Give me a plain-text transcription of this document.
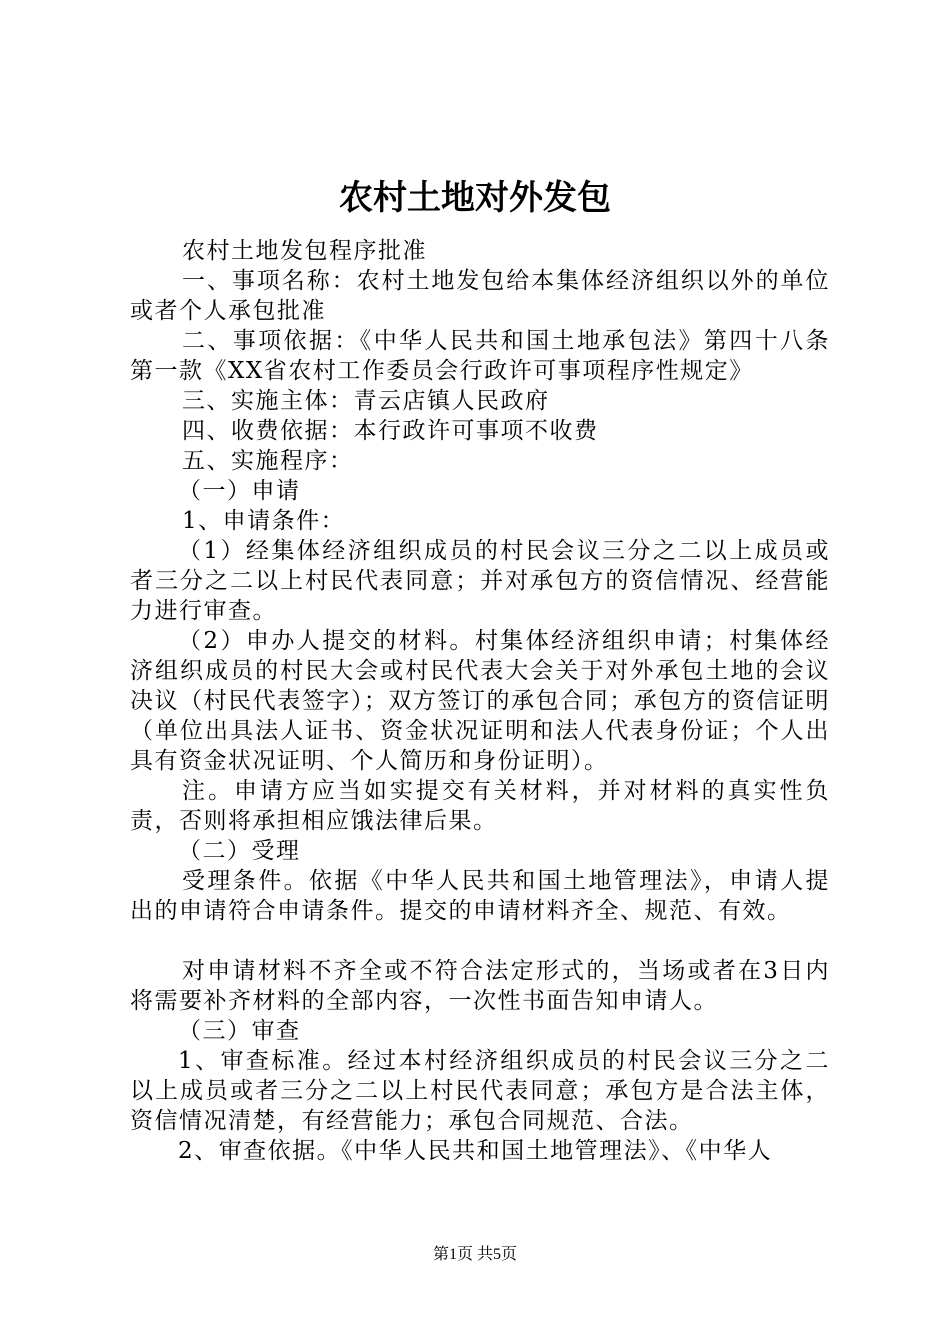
农村土地对外发包

农村土地发包程序批准

一、事项名称：农村土地发包给本集体经济组织以外的单位或者个人承包批准

二、事项依据：《中华人民共和国土地承包法》第四十八条第一款《XX省农村工作委员会行政许可事项程序性规定》

三、实施主体：青云店镇人民政府

四、收费依据：本行政许可事项不收费

五、实施程序：

（一）申请

1、申请条件：

（1）经集体经济组织成员的村民会议三分之二以上成员或者三分之二以上村民代表同意；并对承包方的资信情况、经营能力进行审查。

（2）申办人提交的材料。村集体经济组织申请；村集体经济组织成员的村民大会或村民代表大会关于对外承包土地的会议决议（村民代表签字）；双方签订的承包合同；承包方的资信证明（单位出具法人证书、资金状况证明和法人代表身份证；个人出具有资金状况证明、个人简历和身份证明）。

注。申请方应当如实提交有关材料，并对材料的真实性负责，否则将承担相应饿法律后果。

（二）受理

受理条件。依据《中华人民共和国土地管理法》，申请人提出的申请符合申请条件。提交的申请材料齐全、规范、有效。

对申请材料不齐全或不符合法定形式的，当场或者在3日内将需要补齐材料的全部内容，一次性书面告知申请人。

（三）审查

1、审查标准。经过本村经济组织成员的村民会议三分之二以上成员或者三分之二以上村民代表同意；承包方是合法主体，资信情况清楚，有经营能力；承包合同规范、合法。

2、审查依据。《中华人民共和国土地管理法》、《中华人

第1页 共5页
